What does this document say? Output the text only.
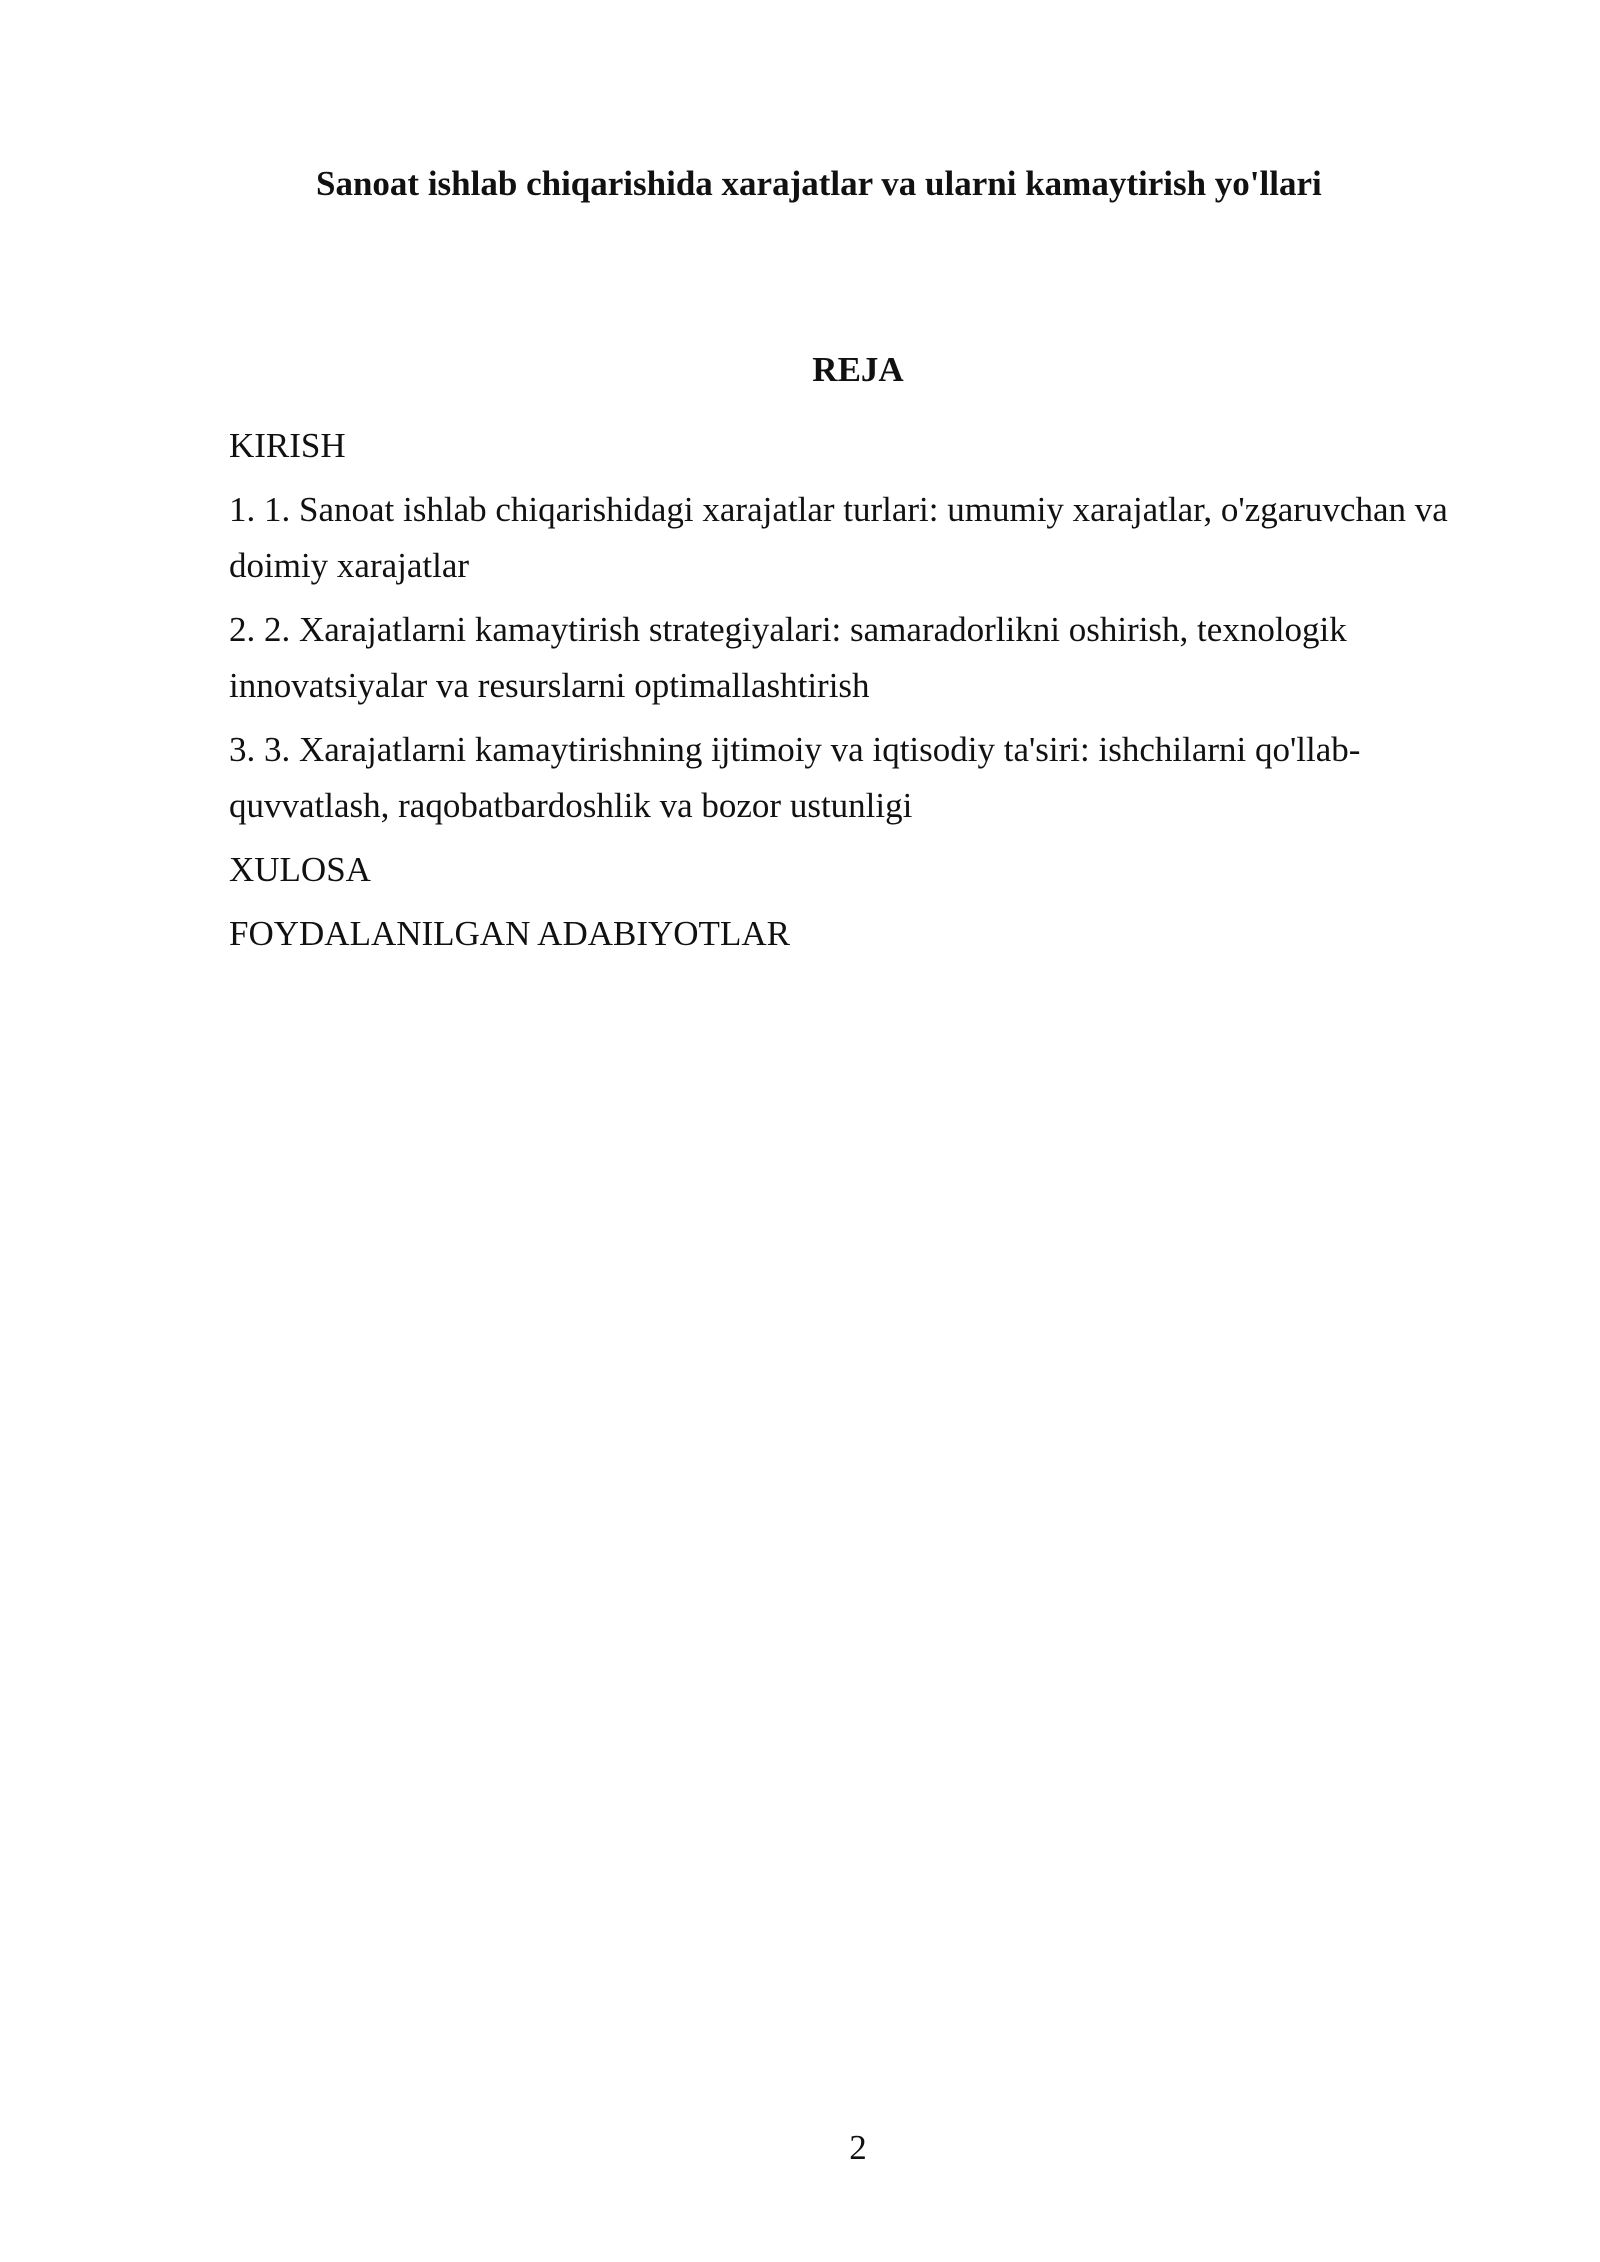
Sanoat ishlab chiqarishida xarajatlar va ularni kamaytirish yo'llari
REJA
KIRISH
1. 1. Sanoat ishlab chiqarishidagi xarajatlar turlari: umumiy xarajatlar, o'zgaruvchan va doimiy xarajatlar
2. 2. Xarajatlarni kamaytirish strategiyalari: samaradorlikni oshirish, texnologik innovatsiyalar va resurslarni optimallashtirish
3. 3. Xarajatlarni kamaytirishning ijtimoiy va iqtisodiy ta'siri: ishchilarni qo'llab-quvvatlash, raqobatbardoshlik va bozor ustunligi
XULOSA
FOYDALANILGAN ADABIYOTLAR
2
